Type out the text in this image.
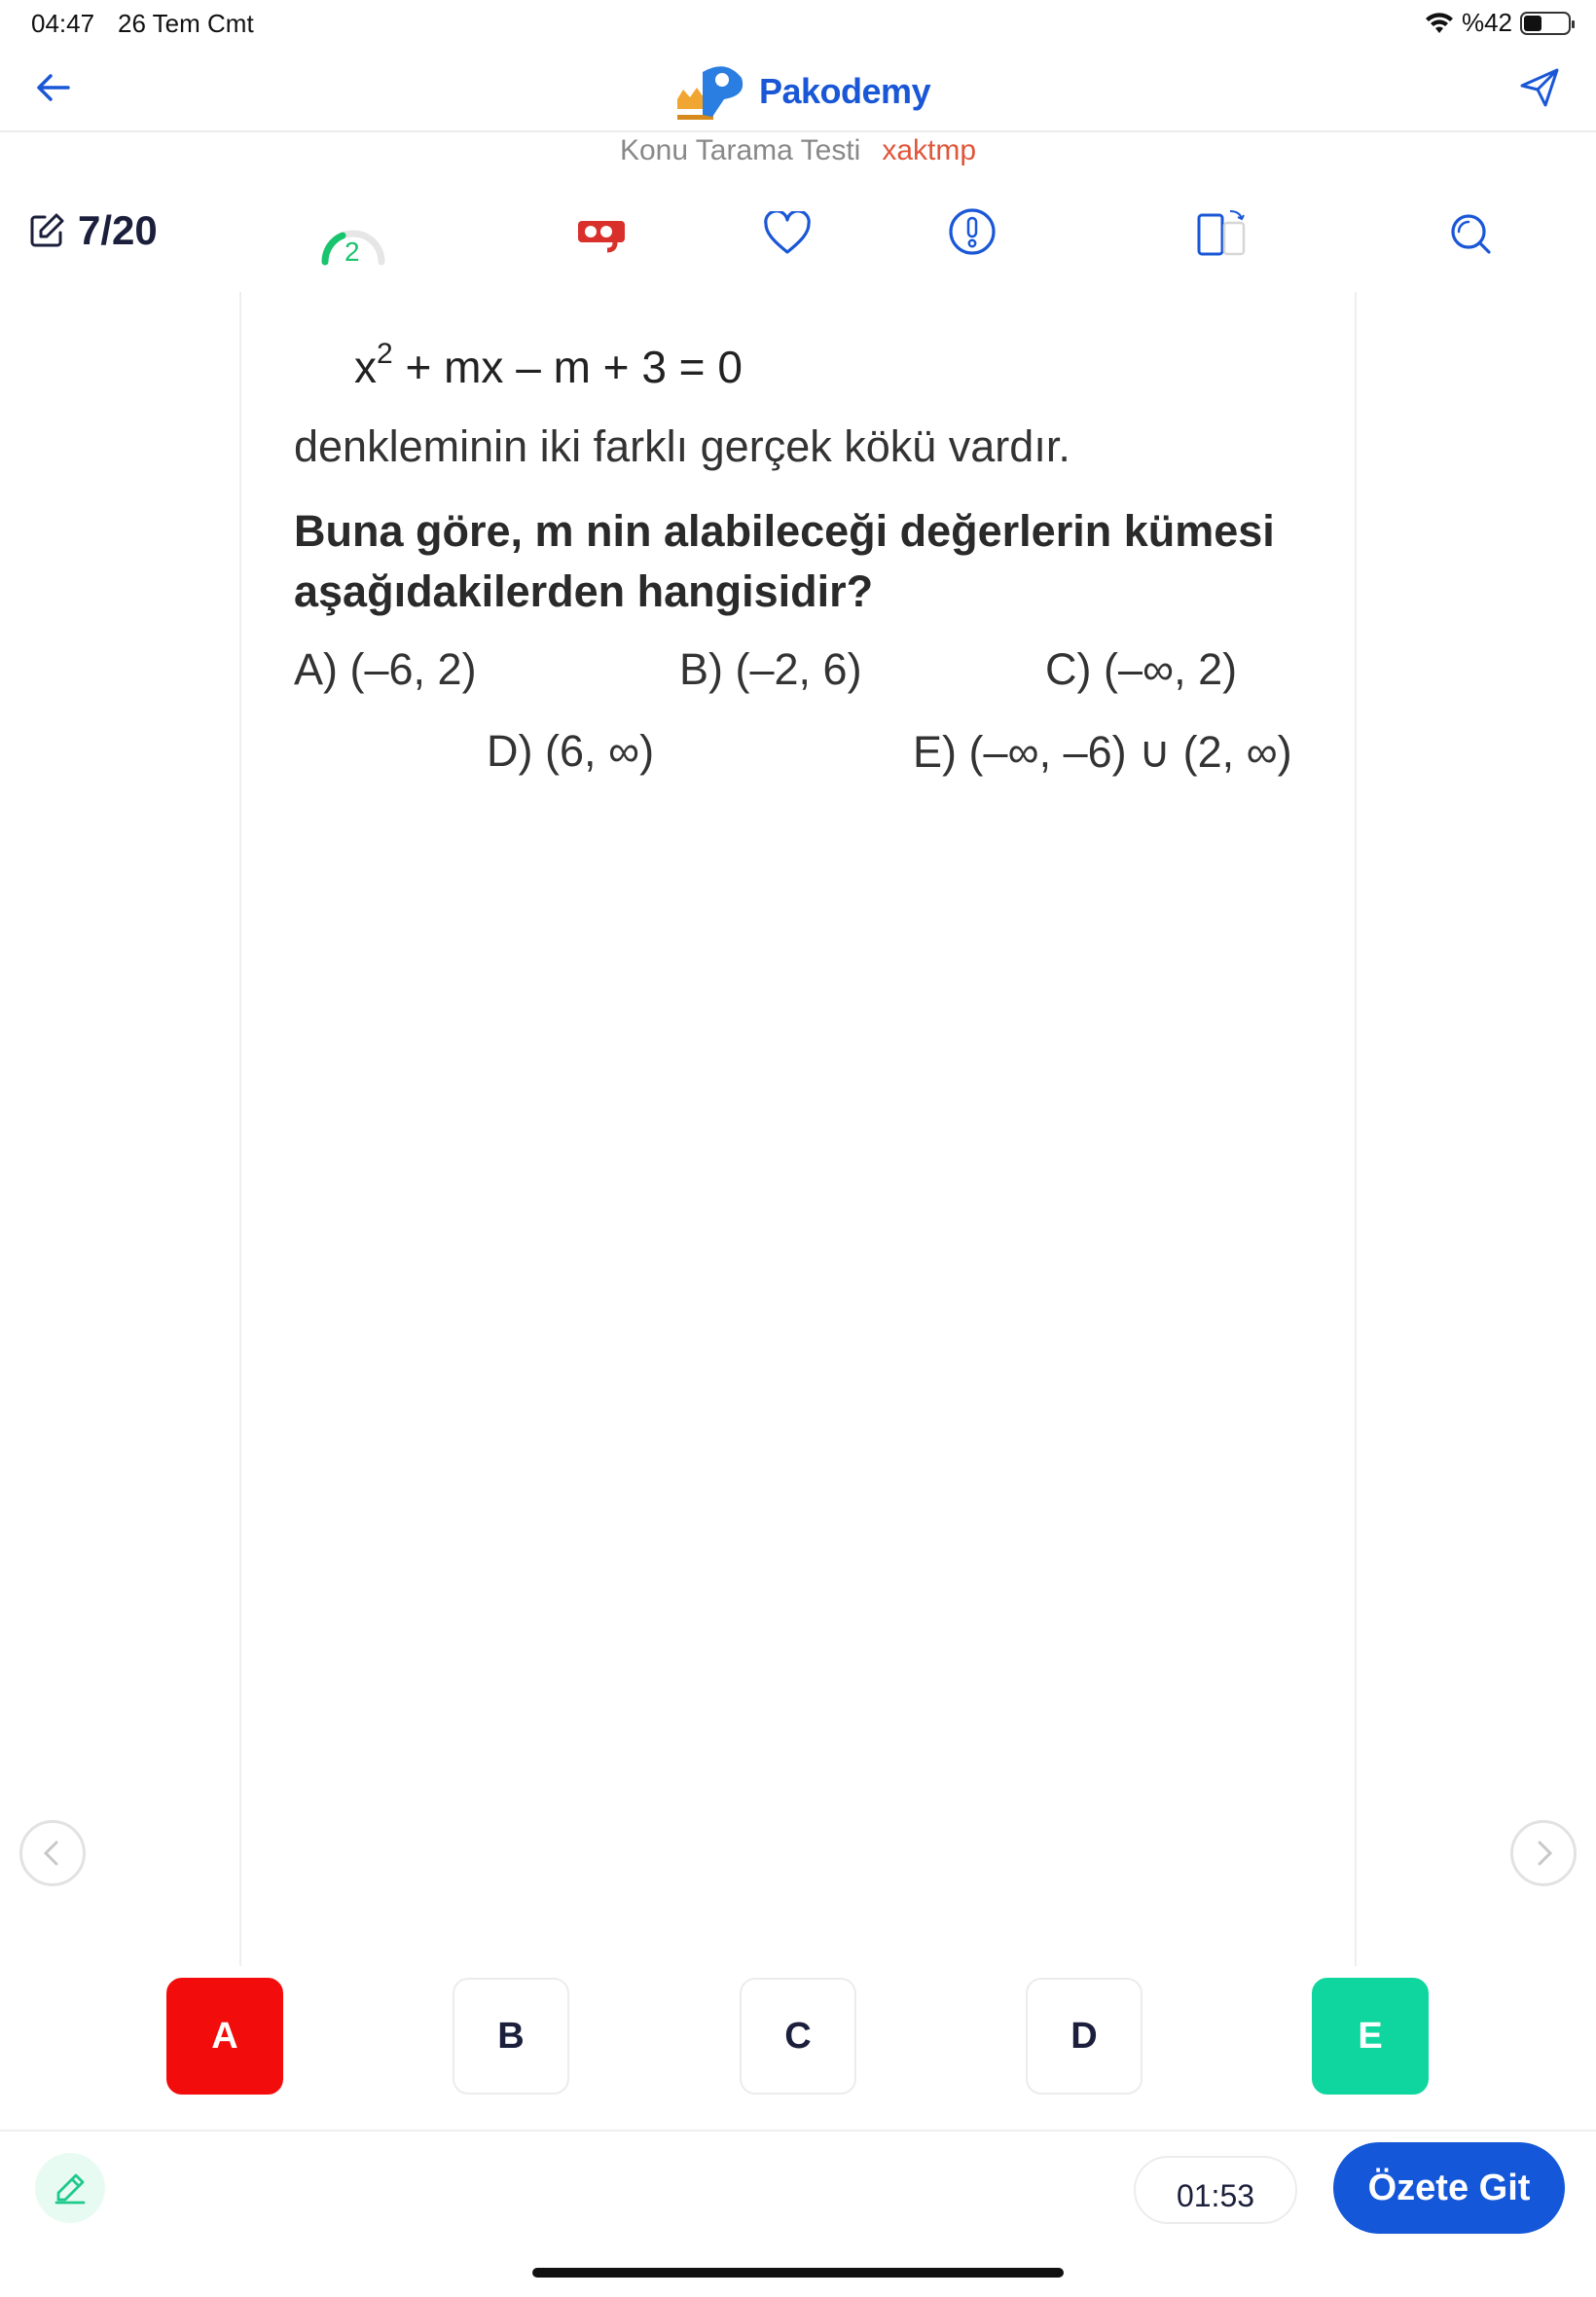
04:47 26 Tem Cmt	%42
Pakodemy
Konu Tarama Testi xaktmp
7/20	2
$x^2$ + mx – m + 3 = 0
denkleminin iki farklı gerçek kökü vardır.
Buna göre, m nin alabileceği değerlerin kümesi aşağıdakilerden hangisidir?
A) (–6, 2)	B) (–2, 6)	C) (–∞, 2)
D) (6, ∞)	E) (–∞, –6) ∪ (2, ∞)
A	B	C	D	E
01:53	Özete Git
